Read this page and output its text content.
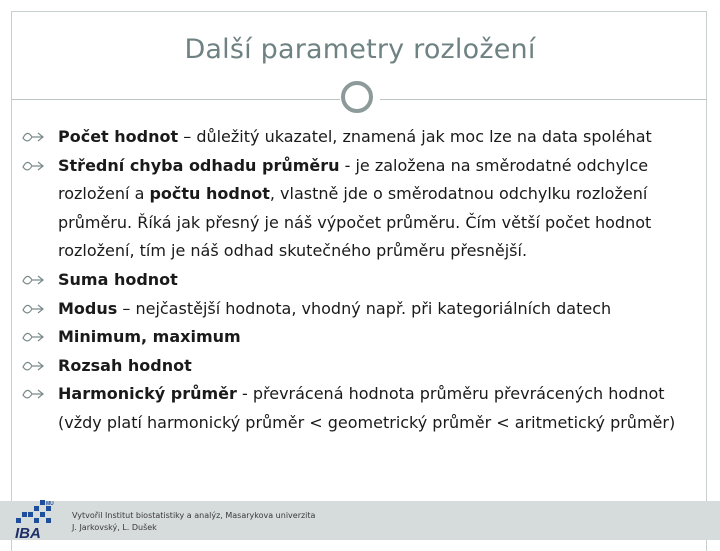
Další parametry rozložení
Počet hodnot – důležitý ukazatel, znamená jak moc lze na data spoléhat
Střední chyba odhadu průměru - je založena na směrodatné odchylce rozložení a počtu hodnot, vlastně jde o směrodatnou odchylku rozložení průměru. Říká jak přesný je náš výpočet průměru. Čím větší počet hodnot rozložení, tím je náš odhad skutečného průměru přesnější.
Suma hodnot
Modus – nejčastější hodnota, vhodný např. při kategoriálních datech
Minimum, maximum
Rozsah hodnot
Harmonický průměr - převrácená hodnota průměru převrácených hodnot (vždy platí harmonický průměr < geometrický průměr < aritmetický průměr)
Vytvořil Institut biostatistiky a analýz, Masarykova univerzita
J. Jarkovský, L. Dušek
MU
IBA
